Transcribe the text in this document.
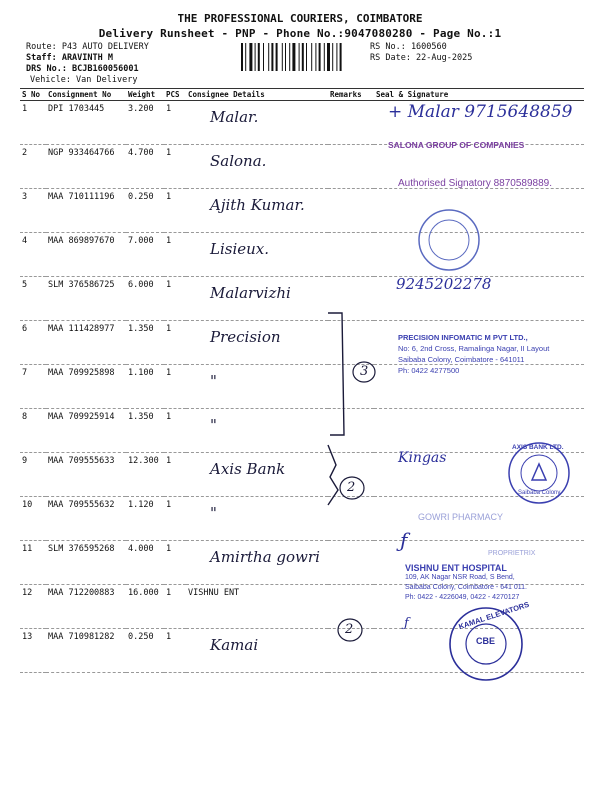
THE PROFESSIONAL COURIERS, COIMBATORE
Delivery Runsheet - PNP - Phone No.:9047080280 - Page No.:1
Route: P43 AUTO DELIVERY
Staff: ARAVINTH M
DRS No.: BCJB160056001
Vehicle: Van Delivery
RS No.: 1600560
RS Date: 22-Aug-2025
S No	Consignment No	Weight	PCS	Consignee Details	Remarks	Seal & Signature
1	DPI 1703445	3.200	1	Malar.		

2	NGP 933464766	4.700	1	Salona.		

3	MAA 710111196	0.250	1	Ajith Kumar.		

4	MAA 869897670	7.000	1	Lisieux.		

5	SLM 376586725	6.000	1	Malarvizhi		

6	MAA 111428977	1.350	1	Precision		

7	MAA 709925898	1.100	1	"		

8	MAA 709925914	1.350	1	"		

9	MAA 709555633	12.300	1	Axis Bank		

10	MAA 709555632	1.120	1	"		

11	SLM 376595268	4.000	1	Amirtha gowri		

12	MAA 712200883	16.000	1	VISHNU ENT		

13	MAA 710981282	0.250	1	Kamai		

3
2
2
+ Malar 9715648859
SALONA GROUP OF COMPANIES
Authorised Signatory 8870589889.
9245202278
PRECISION INFOMATIC M PVT LTD.,
No: 6, 2nd Cross, Ramalinga Nagar, II Layout
Saibaba Colony, Coimbatore - 641011
Ph: 0422 4277500
Kingas
AXIS BANK LTD.
Saibaba Colony
GOWRI PHARMACY
ƒ
PROPRIETRIX
VISHNU ENT HOSPITAL
109, AK Nagar NSR Road, S Bend,
Saibaba Colony, Coimbatore - 641 011.
Ph: 0422 - 4226049, 0422 - 4270127
KAMAL ELEVATORS
CBE
ƒ
